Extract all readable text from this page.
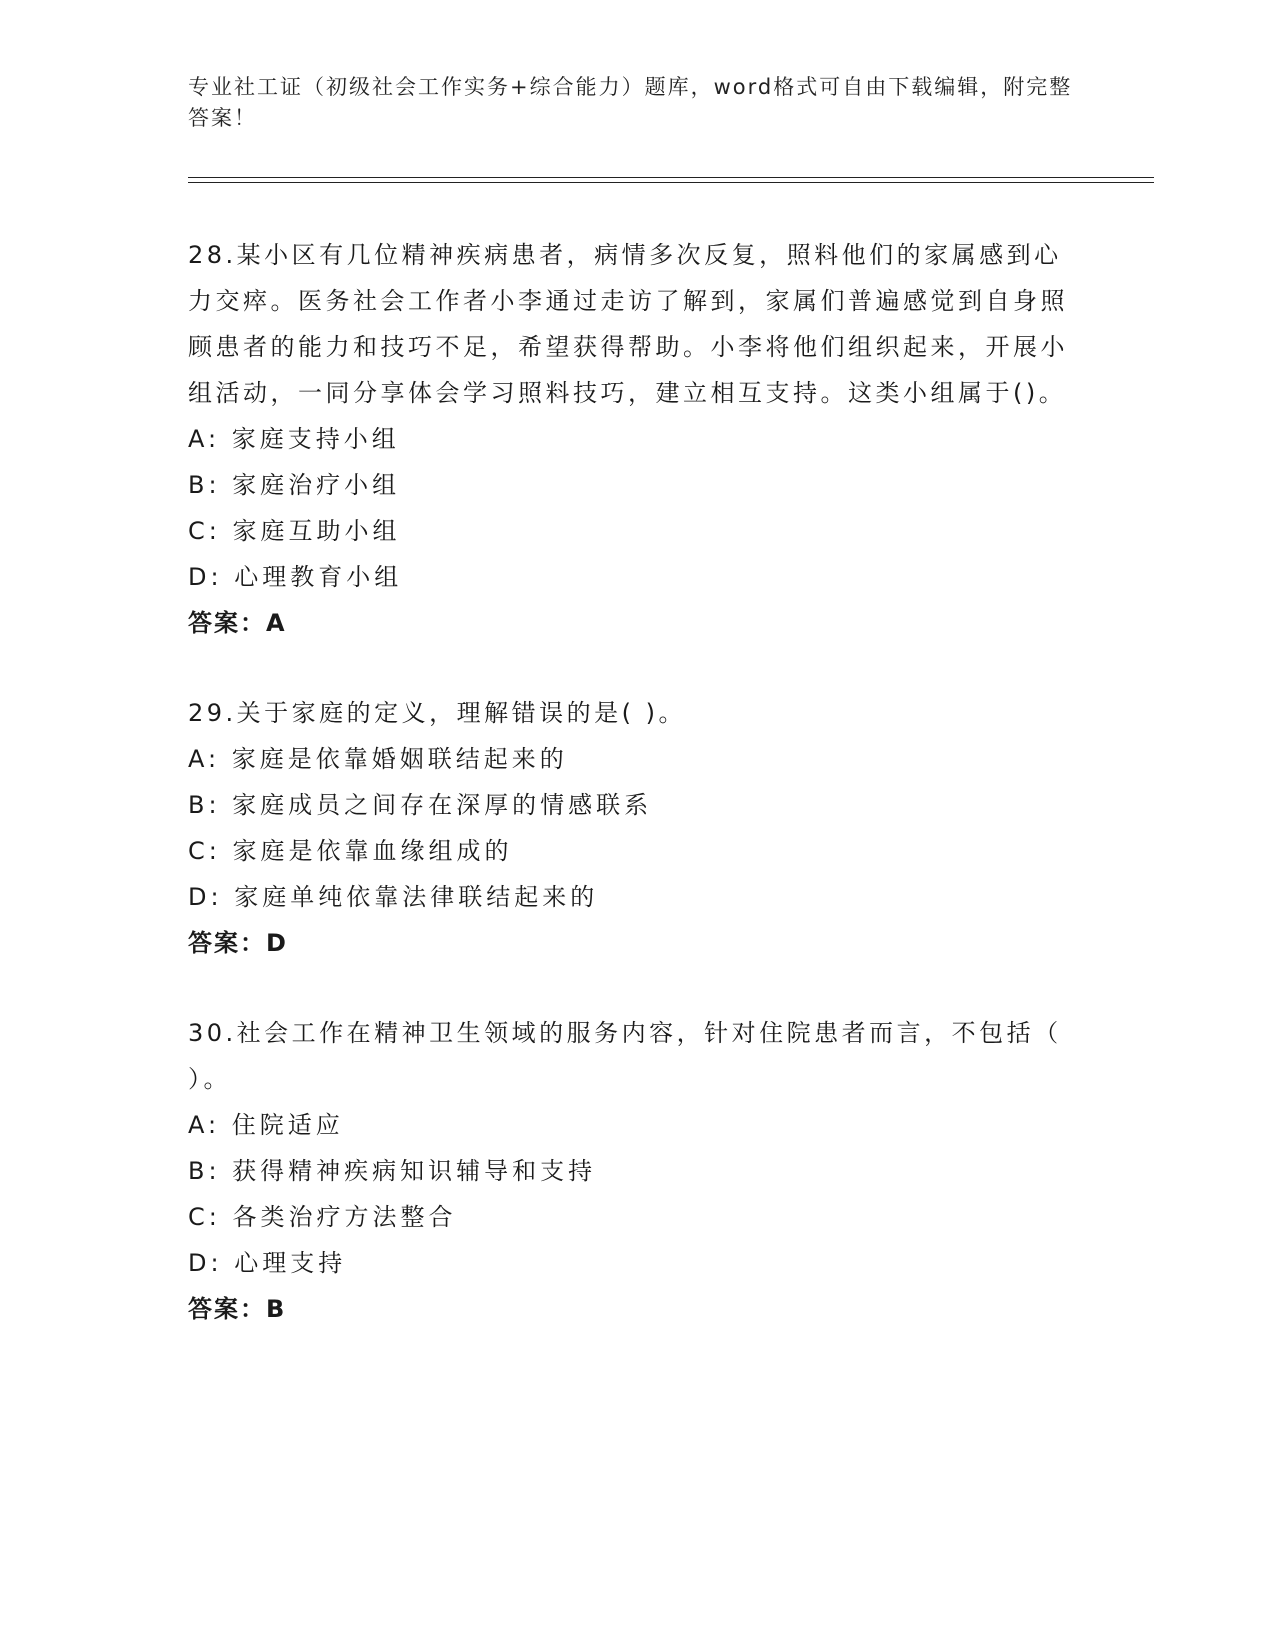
专业社工证（初级社会工作实务+综合能力）题库，word格式可自由下载编辑，附完整答案！

28.某小区有几位精神疾病患者，病情多次反复，照料他们的家属感到心力交瘁。医务社会工作者小李通过走访了解到，家属们普遍感觉到自身照顾患者的能力和技巧不足，希望获得帮助。小李将他们组织起来，开展小组活动，一同分享体会学习照料技巧，建立相互支持。这类小组属于()。

A: 家庭支持小组

B: 家庭治疗小组

C: 家庭互助小组

D: 心理教育小组

答案：A

29.关于家庭的定义，理解错误的是( )。

A: 家庭是依靠婚姻联结起来的

B: 家庭成员之间存在深厚的情感联系

C: 家庭是依靠血缘组成的

D: 家庭单纯依靠法律联结起来的

答案：D

30.社会工作在精神卫生领域的服务内容，针对住院患者而言，不包括（ ）。

A: 住院适应

B: 获得精神疾病知识辅导和支持

C: 各类治疗方法整合

D: 心理支持

答案：B
